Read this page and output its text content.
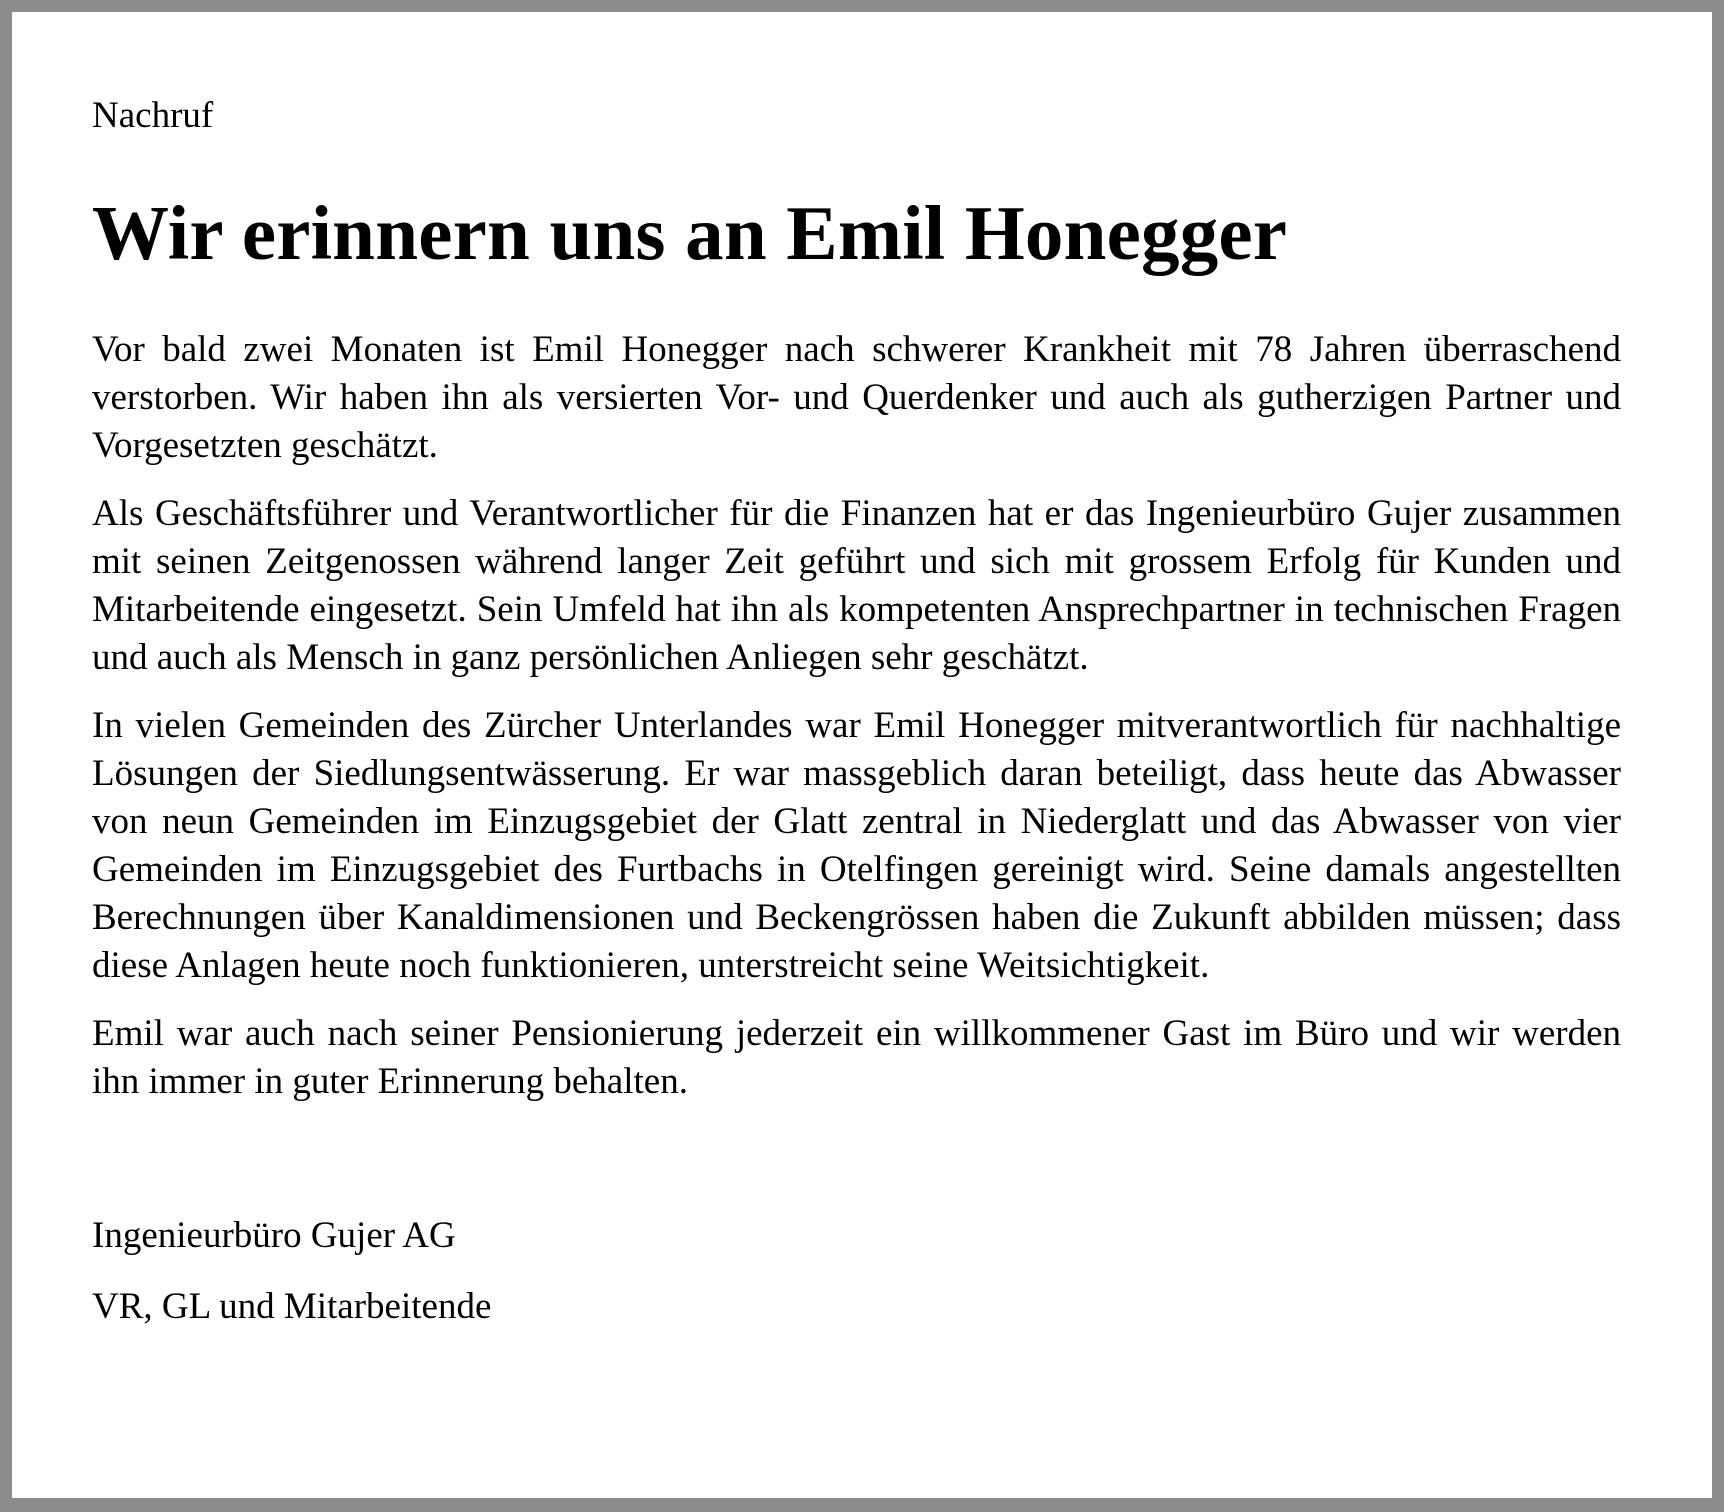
Nachruf

Wir erinnern uns an Emil Honegger

Vor bald zwei Monaten ist Emil Honegger nach schwerer Krankheit mit 78 Jahren überraschend verstorben. Wir haben ihn als versierten Vor- und Querdenker und auch als gutherzigen Partner und Vorgesetzten geschätzt.

Als Geschäftsführer und Verantwortlicher für die Finanzen hat er das Ingenieurbüro Gujer zusammen mit seinen Zeitgenossen während langer Zeit geführt und sich mit grossem Erfolg für Kunden und Mitarbeitende eingesetzt. Sein Umfeld hat ihn als kompetenten Ansprechpartner in technischen Fragen und auch als Mensch in ganz persönlichen Anliegen sehr geschätzt.

In vielen Gemeinden des Zürcher Unterlandes war Emil Honegger mitverantwortlich für nachhaltige Lösungen der Siedlungsentwässerung. Er war massgeblich daran beteiligt, dass heute das Abwasser von neun Gemeinden im Einzugsgebiet der Glatt zentral in Niederglatt und das Abwasser von vier Gemeinden im Einzugsgebiet des Furtbachs in Otelfingen gereinigt wird. Seine damals angestellten Berechnungen über Kanaldimensionen und Beckengrössen haben die Zukunft abbilden müssen; dass diese Anlagen heute noch funktionieren, unterstreicht seine Weitsichtigkeit.

Emil war auch nach seiner Pensionierung jederzeit ein willkommener Gast im Büro und wir werden ihn immer in guter Erinnerung behalten.

Ingenieurbüro Gujer AG

VR, GL und Mitarbeitende
